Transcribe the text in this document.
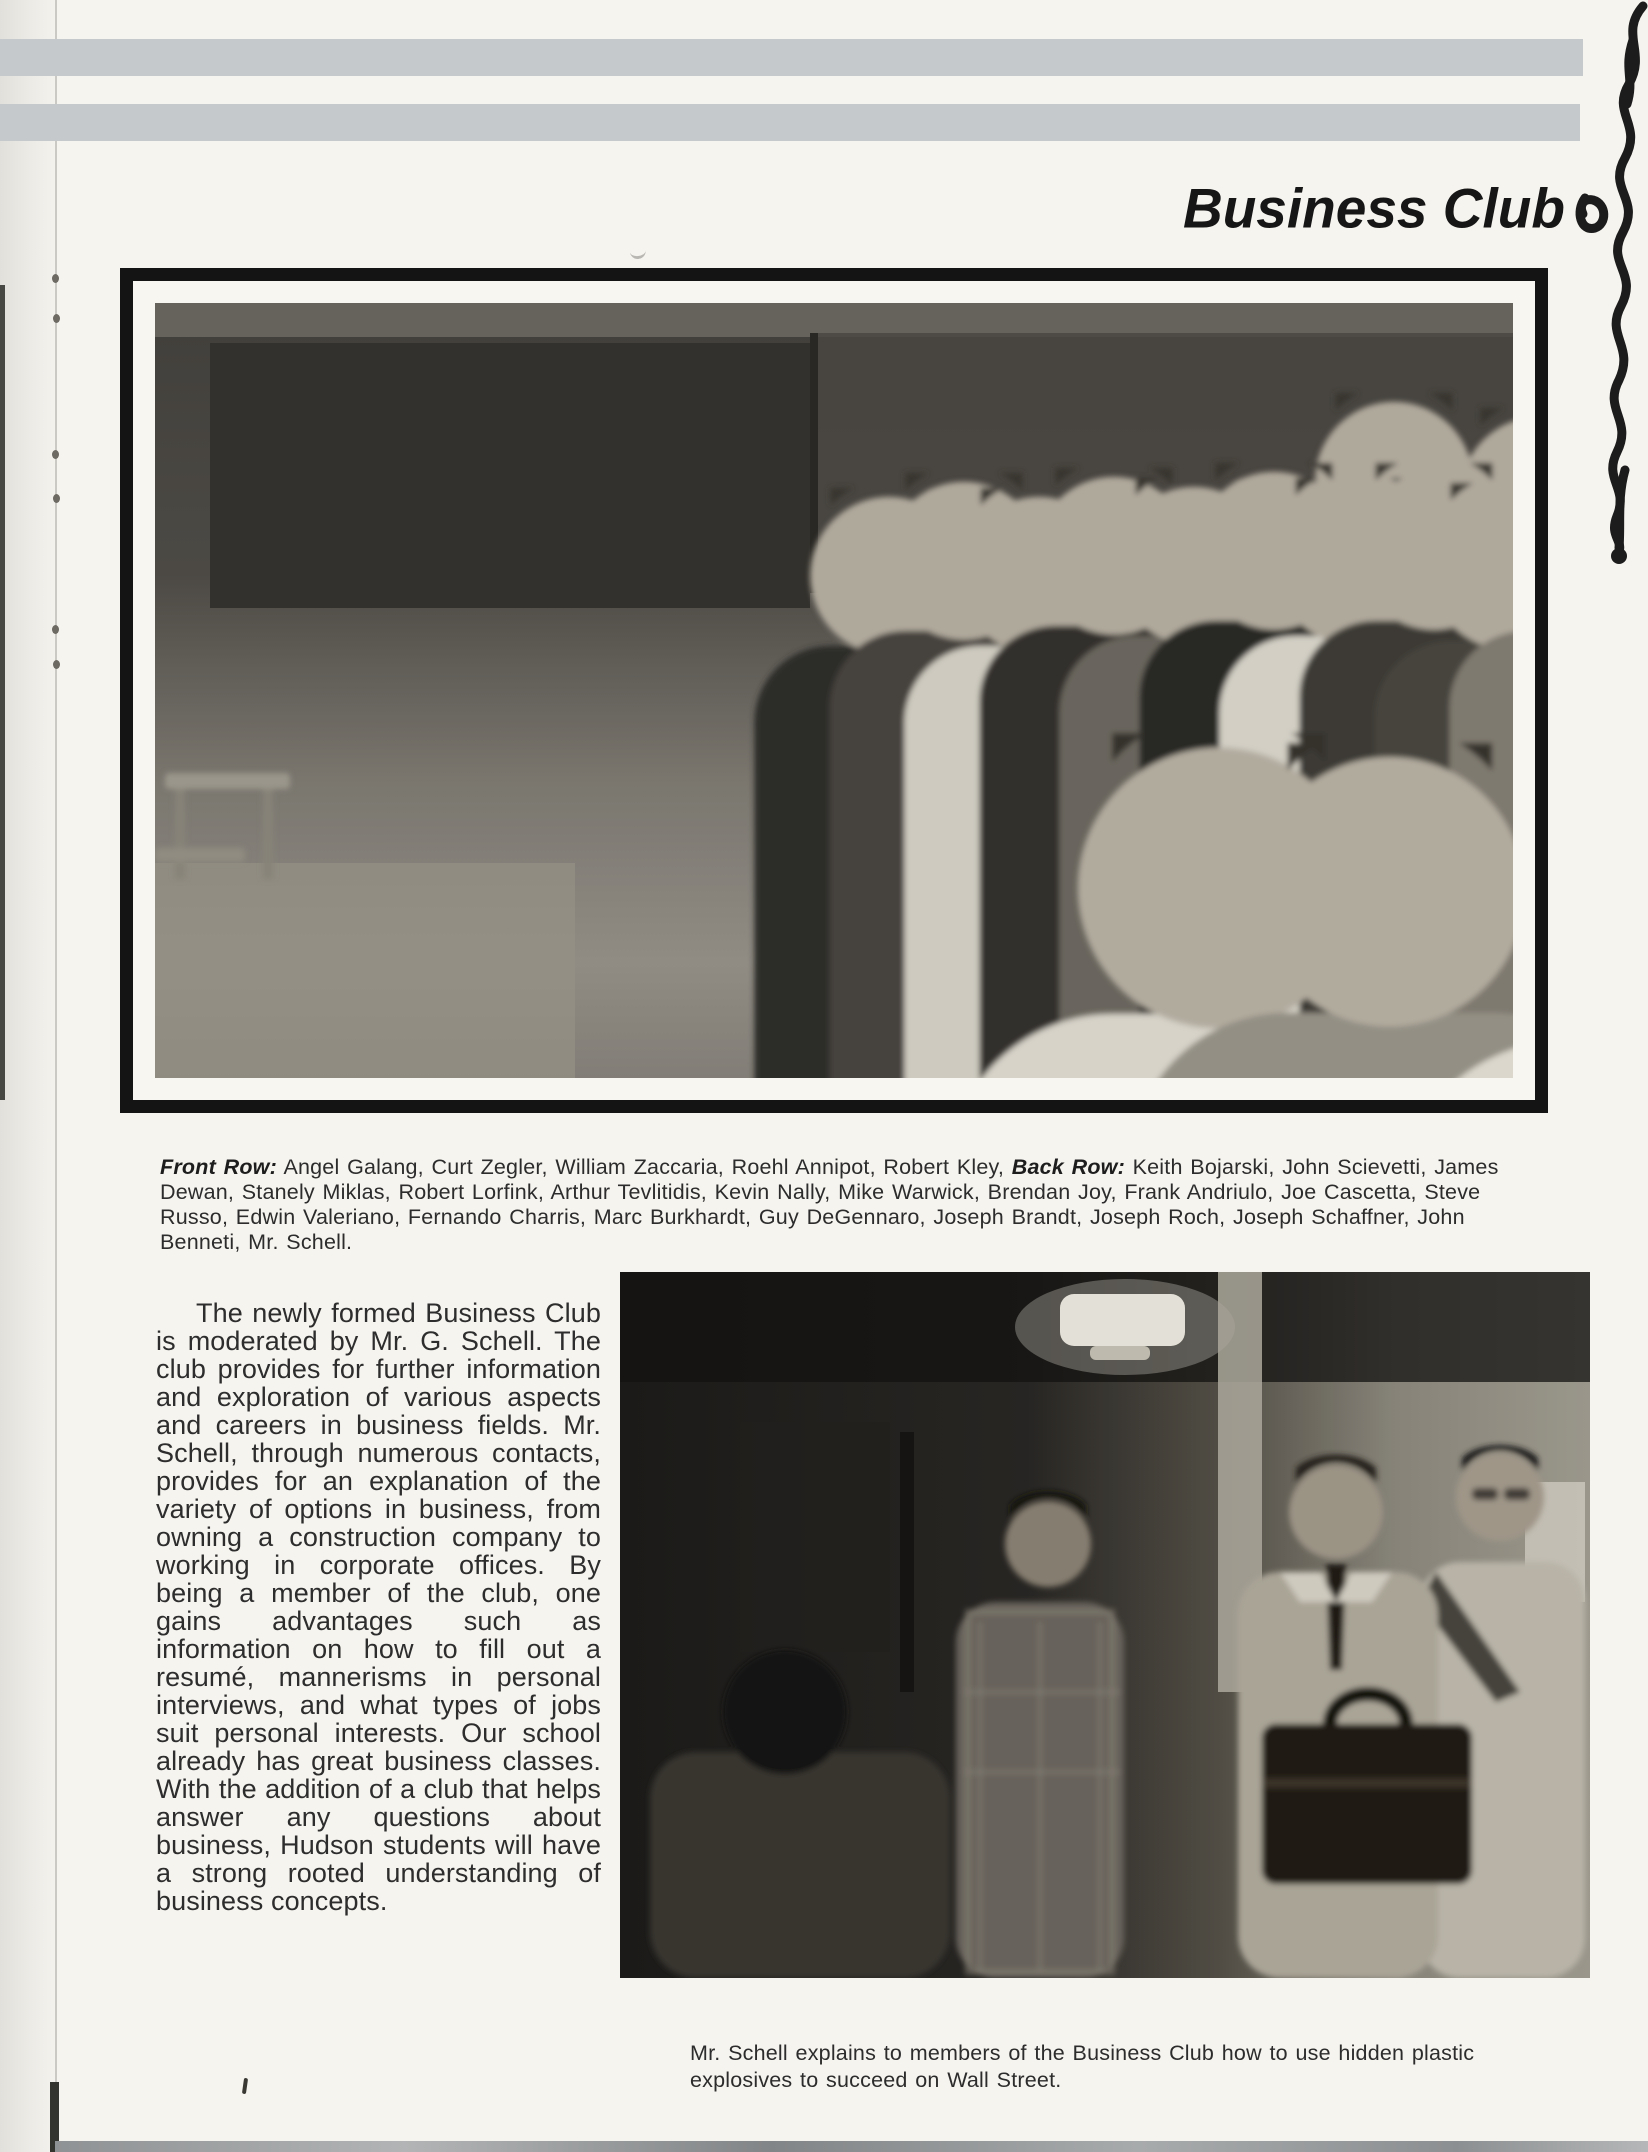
Business Club

Front Row: Angel Galang, Curt Zegler, William Zaccaria, Roehl Annipot, Robert Kley, Back Row: Keith Bojarski, John Scievetti, James Dewan, Stanely Miklas, Robert Lorfink, Arthur Tevlitidis, Kevin Nally, Mike Warwick, Brendan Joy, Frank Andriulo, Joe Cascetta, Steve Russo, Edwin Valeriano, Fernando Charris, Marc Burkhardt, Guy DeGennaro, Joseph Brandt, Joseph Roch, Joseph Schaffner, John Benneti, Mr. Schell.

The newly formed Business Club is moderated by Mr. G. Schell. The club provides for further information and exploration of various aspects and careers in business fields. Mr. Schell, through numerous contacts, provides for an explanation of the variety of options in business, from owning a construction company to working in corporate offices. By being a member of the club, one gains advantages such as information on how to fill out a resumé, mannerisms in personal interviews, and what types of jobs suit personal interests. Our school already has great business classes. With the addition of a club that helps answer any questions about business, Hudson students will have a strong rooted understanding of business concepts.

Mr. Schell explains to members of the Business Club how to use hidden plastic explosives to succeed on Wall Street.
